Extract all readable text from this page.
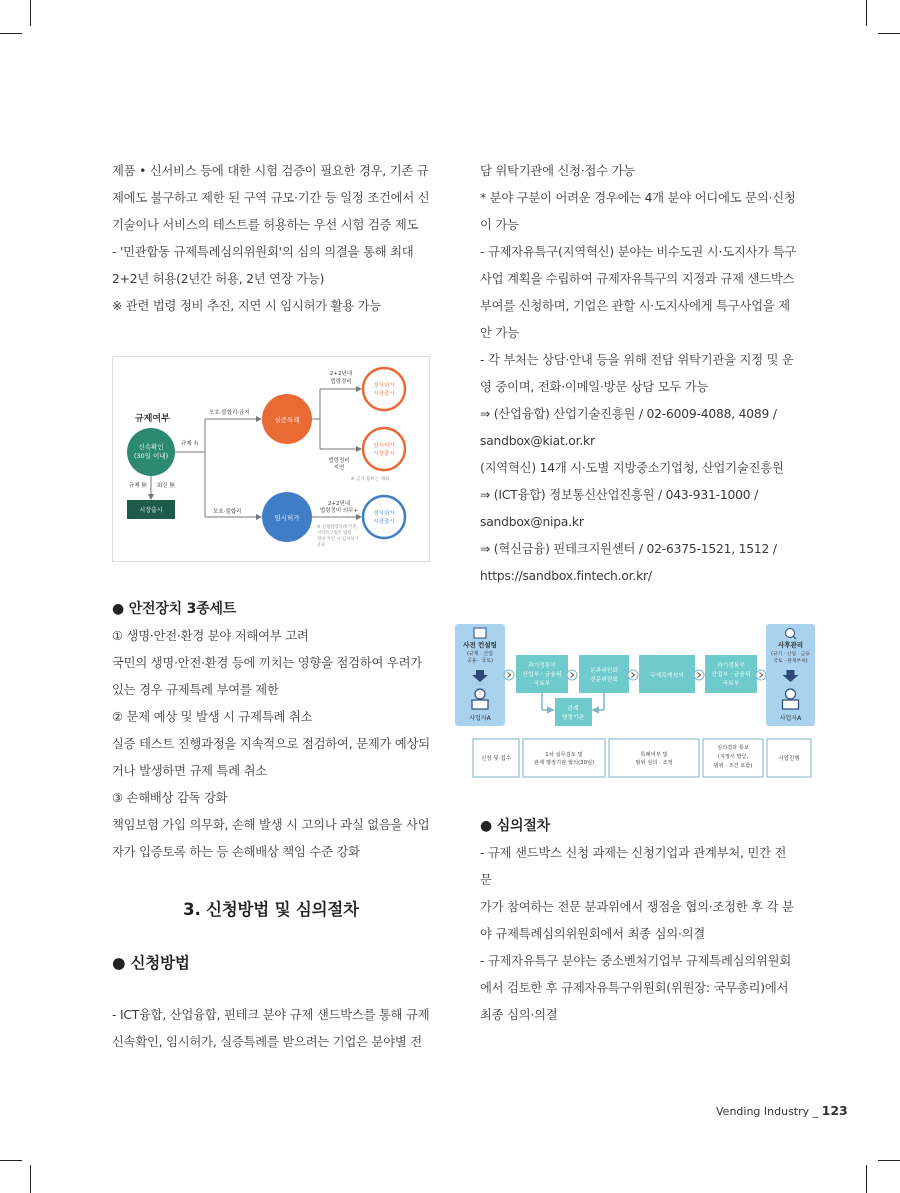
제품 • 신서비스 등에 대한 시험 검증이 필요한 경우, 기존 규

제에도 불구하고 제한 된 구역 규모·기간 등 일정 조건에서 신

기술이나 서비스의 테스트를 허용하는 우선 시험 검증 제도

- '민관합동 규제특례심의위원회'의 심의 의결을 통해 최대

2+2년 허용(2년간 허용, 2년 연장 가능)

※ 관련 법령 정비 추진, 지연 시 임시허가 활용 가능

● 안전장치 3종세트

① 생명·안전·환경 분야 저해여부 고려

국민의 생명·안전·환경 등에 끼치는 영향을 점검하여 우려가

있는 경우 규제특례 부여를 제한

② 문제 예상 및 발생 시 규제특례 취소

실증 테스트 진행과정을 지속적으로 점검하여, 문제가 예상되

거나 발생하면 규제 특례 취소

③ 손해배상 감독 강화

책임보험 가입 의무화, 손해 발생 시 고의나 과실 없음을 사업

자가 입증토록 하는 등 손해배상 책임 수준 강화

3. 신청방법 및 심의절차
● 신청방법

- ICT융합, 산업융합, 핀테크 분야 규제 샌드박스를 통해 규제

신속확인, 임시허가, 실증특례를 받으려는 기업은 분야별 전

담 위탁기관에 신청·접수 가능

* 분야 구분이 어려운 경우에는 4개 분야 어디에도 문의·신청

이 가능

- 규제자유특구(지역혁신) 분야는 비수도권 시·도지사가 특구

사업 계획을 수립하여 규제자유특구의 지정과 규제 샌드박스

부여를 신청하며, 기업은 관할 시·도지사에게 특구사업을 제

안 가능

- 각 부처는 상담·안내 등을 위해 전담 위탁기관을 지정 및 운

영 중이며, 전화·이메일·방문 상담 모두 가능

⇒ (산업융합) 산업기술진흥원 / 02-6009-4088, 4089 /

sandbox@kiat.or.kr

(지역혁신) 14개 시·도별 지방중소기업청, 산업기술진흥원

⇒ (ICT융합) 정보통신산업진흥원 / 043-931-1000 /

sandbox@nipa.kr

⇒ (혁신금융) 핀테크지원센터 / 02-6375-1521, 1512 /

https://sandbox.fintech.or.kr/

● 심의절차

- 규제 샌드박스 신청 과제는 신청기업과 관계부처, 민간 전문

가가 참여하는 전문 분과위에서 쟁점을 협의·조정한 후 각 분

야 규제특례심의위원회에서 최종 심의·의결

- 규제자유특구 분야는 중소벤처기업부 규제특례심의위원회

에서 검토한 후 규제자유특구위원회(위원장: 국무총리)에서

최종 심의·의결

규제여부
신속확인
(30일 이내)
규제 有
규제 無 회신 無
시장출시
모호·불합리·금지
모호·불합리
실증특례
임시허가
2+2년내
법령정비
법령정비
지연
2+2년내
법령정비 의무+
정식허가
시장출시
임시허가
시장출시
※ 금지·불허는 제외
정식허가
시장출시
※ 신청법령특례·안전,
지역특구법은 법령
정비 지연 시 임시허가
유효
사전 컨설팅
(규제 · 산업
공용 · 국토)
사업자A
과기정통부
산업부 · 금융위
국토부
분과위원회
전문위원회
관계
행정기관
규제특례심의
과기정통부
산업부 · 금융위
국토부
사후관리
(규기 · 산업 · 금융
국토 · 관계부처)
사업자A
신청 및 접수
1차 실무검토 및
관계 행정기관 협의(30일)
특례여부 및
범위 심의 · 조정
심의결과 통보
(지정서 발급,
범위 · 조건 포함)
사업진행
Vending Industry _ 123
